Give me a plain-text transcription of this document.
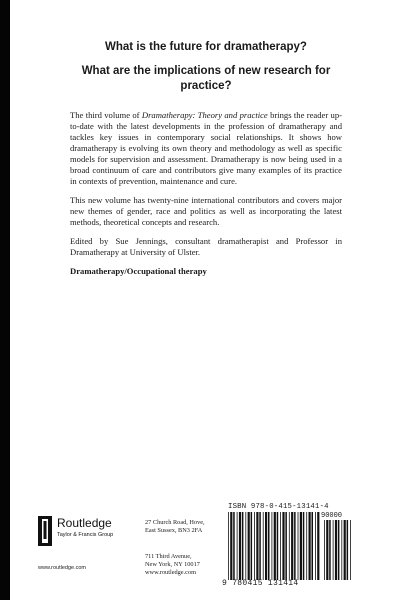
What is the future for dramatherapy?

What are the implications of new research for practice?

The third volume of Dramatherapy: Theory and practice brings the reader up-to-date with the latest developments in the profession of dramatherapy and tackles key issues in contemporary social relationships. It shows how dramatherapy is evolving its own theory and methodology as well as specific models for supervision and assessment. Dramatherapy is now being used in a broad continuum of care and contributors give many examples of its practice in contexts of prevention, maintenance and cure.

This new volume has twenty-nine international contributors and covers major new themes of gender, race and politics as well as incorporating the latest methods, theoretical concepts and research.

Edited by Sue Jennings, consultant dramatherapist and Professor in Dramatherapy at University of Ulster.

Dramatherapy/Occupational therapy

Routledge
Taylor & Francis Group
www.routledge.com
27 Church Road, Hove,
East Sussex, BN3 2FA
711 Third Avenue,
New York, NY 10017
www.routledge.com
ISBN 978-0-415-13141-4
90000
9 780415 131414
